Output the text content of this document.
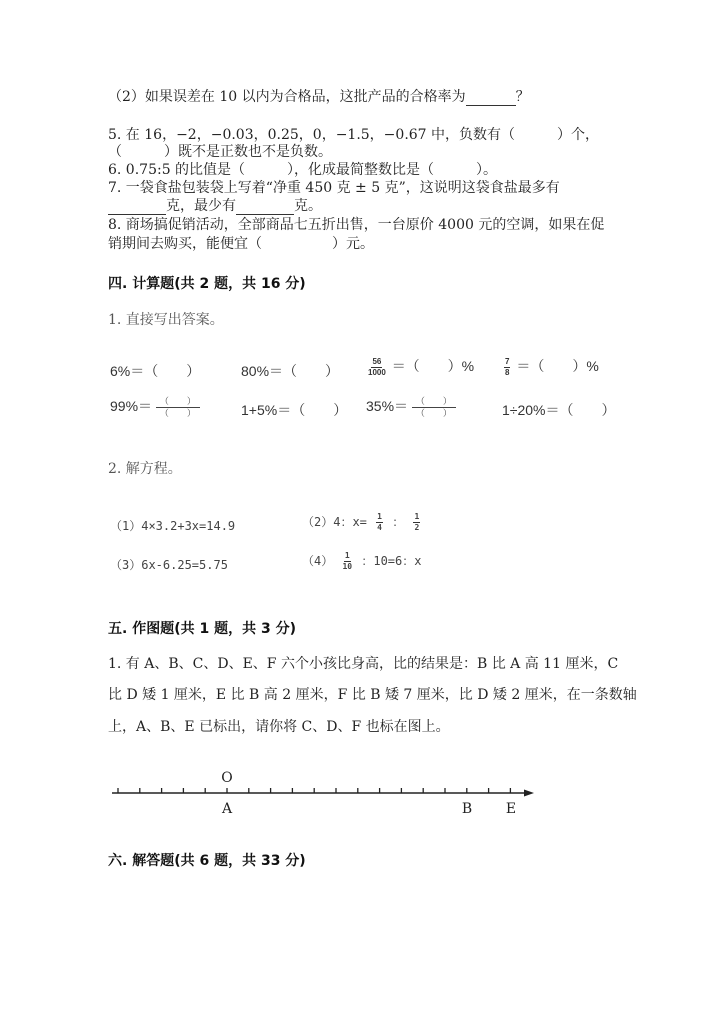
（2）如果误差在 10 以内为合格品，这批产品的合格率为	？
5. 在 16，−2，−0.03，0.25，0，−1.5，−0.67 中，负数有（　　　）个，
（　　　）既不是正数也不是负数。
6. 0.75:5 的比值是（　　　），化成最简整数比是（　　　）。
7. 一袋食盐包装袋上写着“净重 450 克 ± 5 克”，这说明这袋食盐最多有
克，最少有	克。
8. 商场搞促销活动，全部商品七五折出售，一台原价 4000 元的空调，如果在促
销期间去购买，能便宜（　　　　　）元。
四. 计算题(共 2 题，共 16 分)
1. 直接写出答案。
6%＝（　　）	80%＝（　　）	$\frac{56}{1000}$ ＝（　　）%	$\frac{7}{8}$ ＝（　　）%
$99\%= \frac{( )}{( )}$	1+5%＝（　　） $35\%= \frac{( )}{( )}$	1÷20%＝（　　）
2. 解方程。
（1）4×3.2+3x=14.9	（2）4：$x= \frac{1}{4}$ ： $\frac{1}{2}$
（3）6x-6.25=5.75	$(4) \frac{1}{10}$ ：10=6：x
五. 作图题(共 1 题，共 3 分)
1. 有 A、B、C、D、E、F 六个小孩比身高，比的结果是：B 比 A 高 11 厘米，C
比 D 矮 1 厘米，E 比 B 高 2 厘米，F 比 B 矮 7 厘米，比 D 矮 2 厘米，在一条数轴
上，A、B、E 已标出，请你将 C、D、F 也标在图上。
O
A	B E
六. 解答题(共 6 题，共 33 分)
